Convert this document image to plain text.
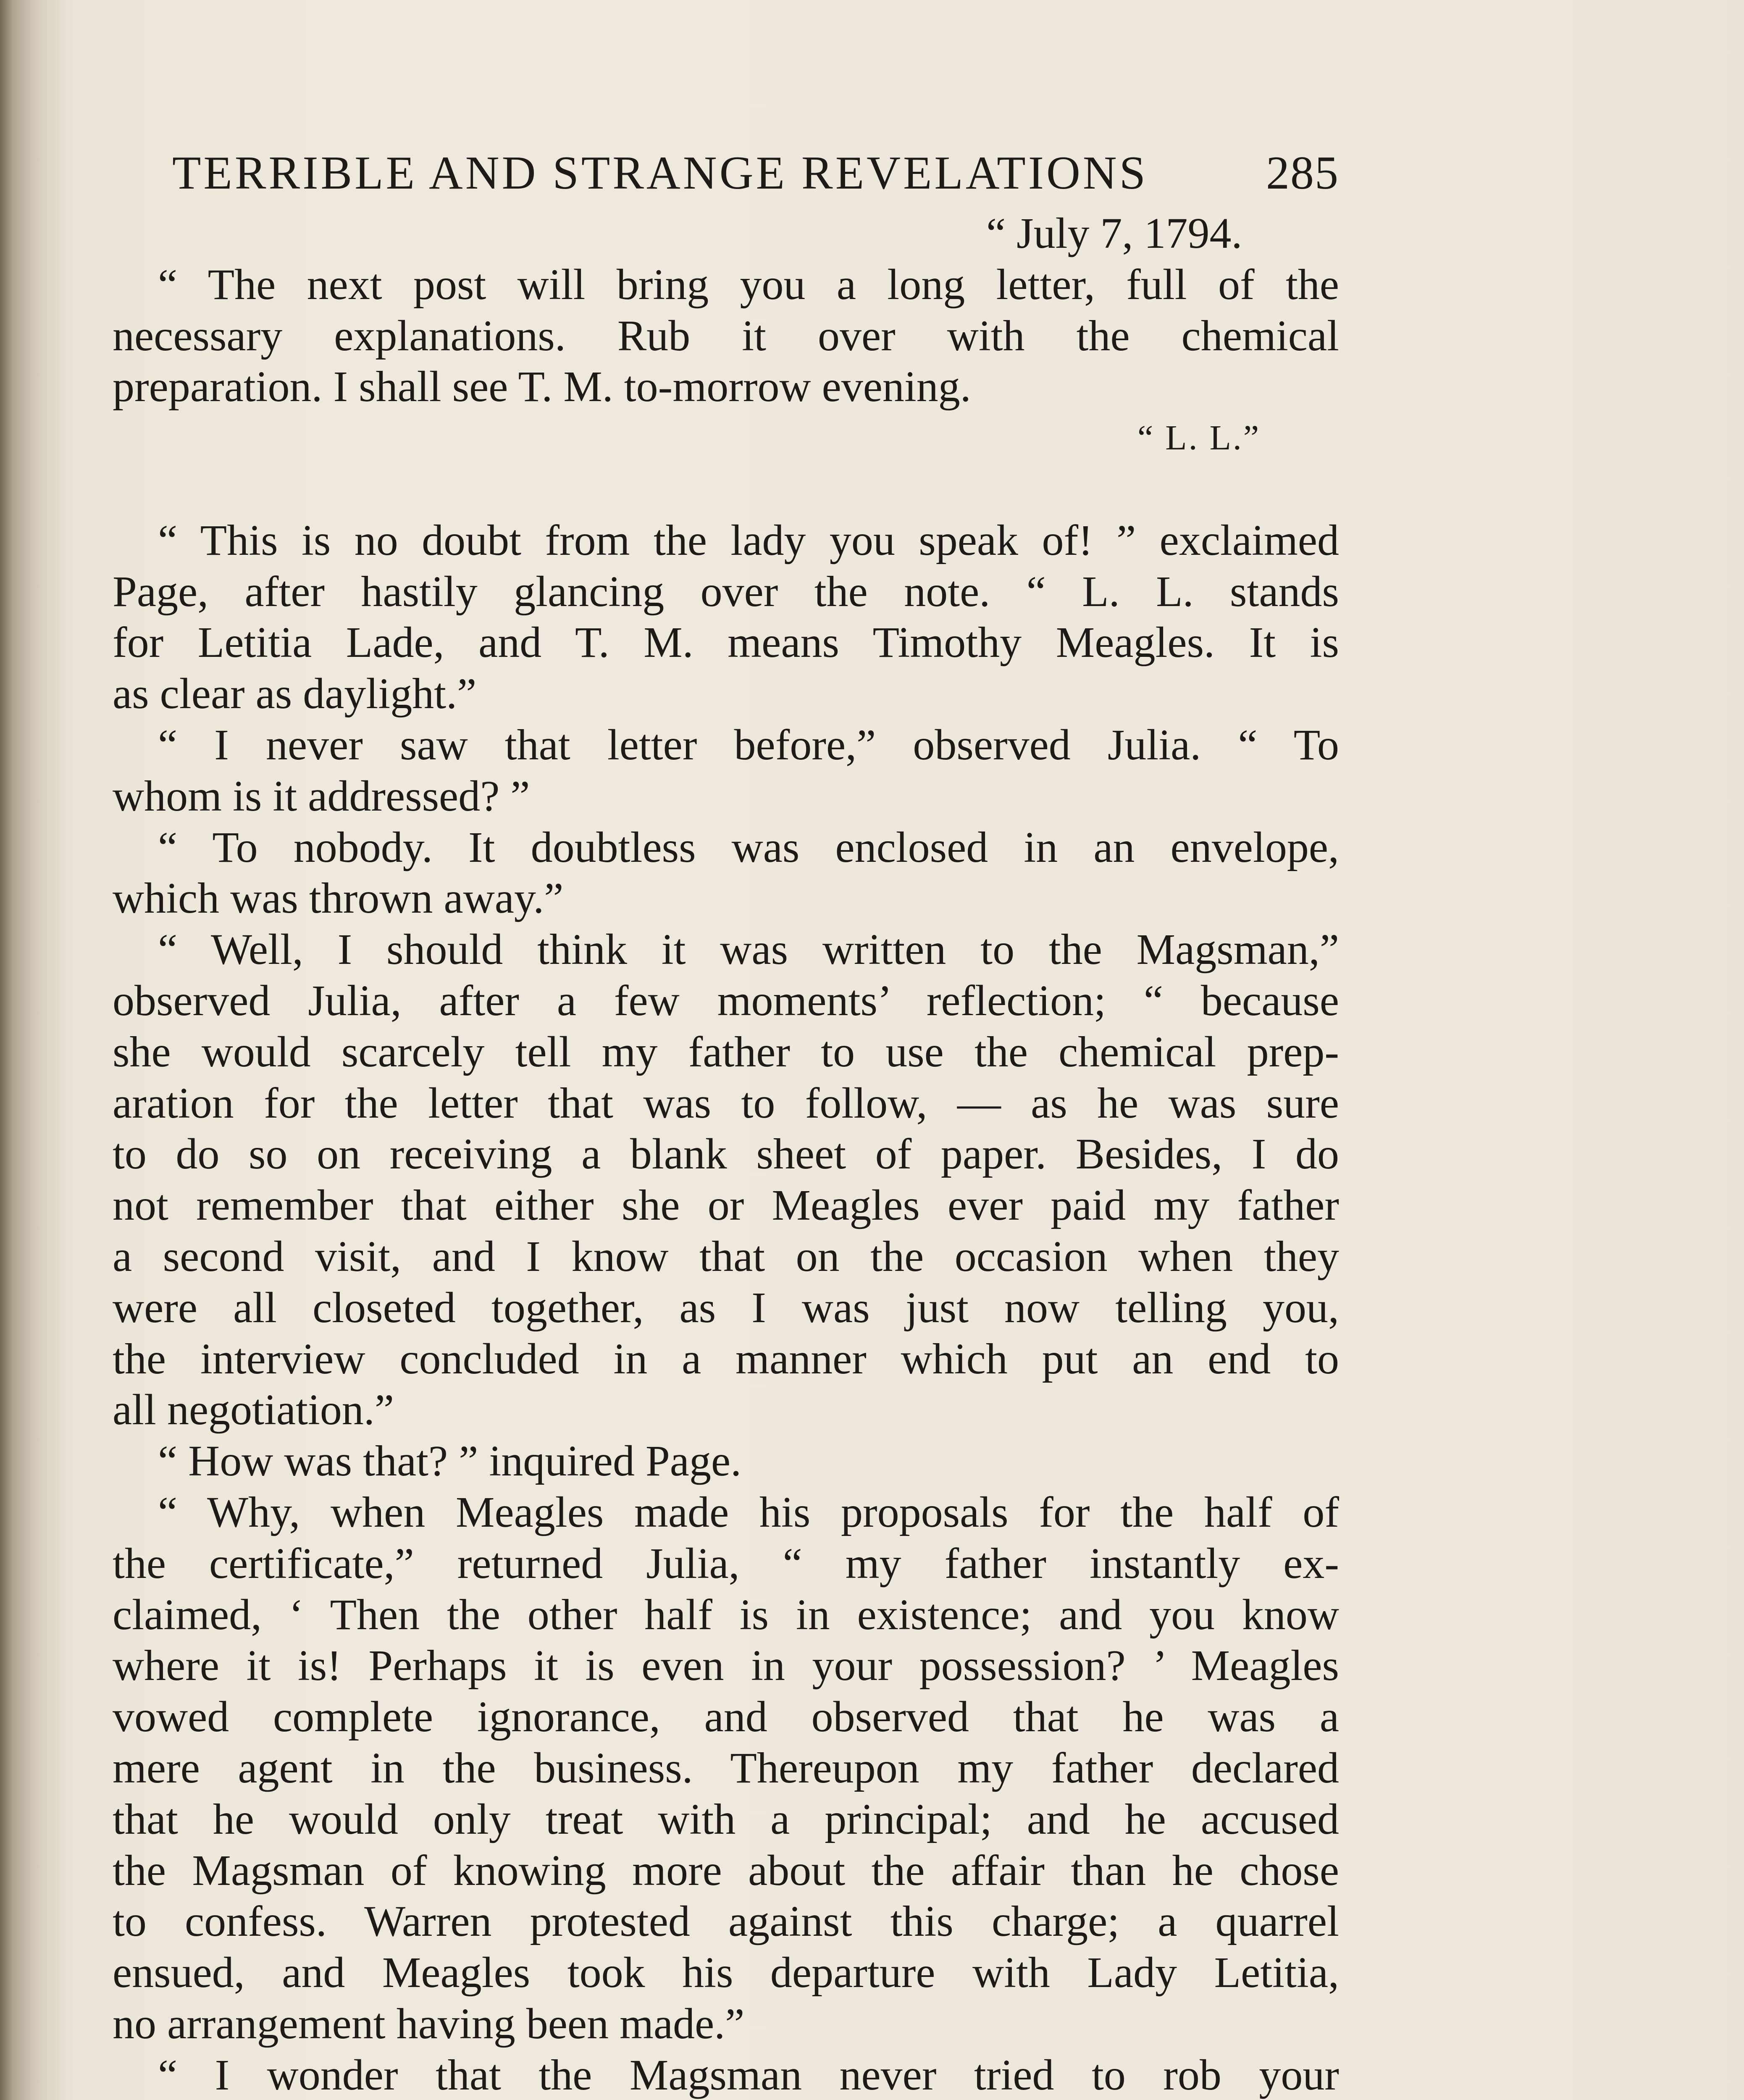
TERRIBLE AND STRANGE REVELATIONS	285
“ July 7, 1794.
“ The next post will bring you a long letter, full of the
necessary explanations. Rub it over with the chemical
preparation. I shall see T. M. to-morrow evening.
“ L. L.”
“ This is no doubt from the lady you speak of! ” exclaimed
Page, after hastily glancing over the note. “ L. L. stands
for Letitia Lade, and T. M. means Timothy Meagles. It is
as clear as daylight.”
“ I never saw that letter before,” observed Julia. “ To
whom is it addressed? ”
“ To nobody. It doubtless was enclosed in an envelope,
which was thrown away.”
“ Well, I should think it was written to the Magsman,”
observed Julia, after a few moments’ reflection; “ because
she would scarcely tell my father to use the chemical prep-
aration for the letter that was to follow, — as he was sure
to do so on receiving a blank sheet of paper. Besides, I do
not remember that either she or Meagles ever paid my father
a second visit, and I know that on the occasion when they
were all closeted together, as I was just now telling you,
the interview concluded in a manner which put an end to
all negotiation.”
“ How was that? ” inquired Page.
“ Why, when Meagles made his proposals for the half of
the certificate,” returned Julia, “ my father instantly ex-
claimed, ‘ Then the other half is in existence; and you know
where it is! Perhaps it is even in your possession? ’ Meagles
vowed complete ignorance, and observed that he was a
mere agent in the business. Thereupon my father declared
that he would only treat with a principal; and he accused
the Magsman of knowing more about the affair than he chose
to confess. Warren protested against this charge; a quarrel
ensued, and Meagles took his departure with Lady Letitia,
no arrangement having been made.”
“ I wonder that the Magsman never tried to rob your
